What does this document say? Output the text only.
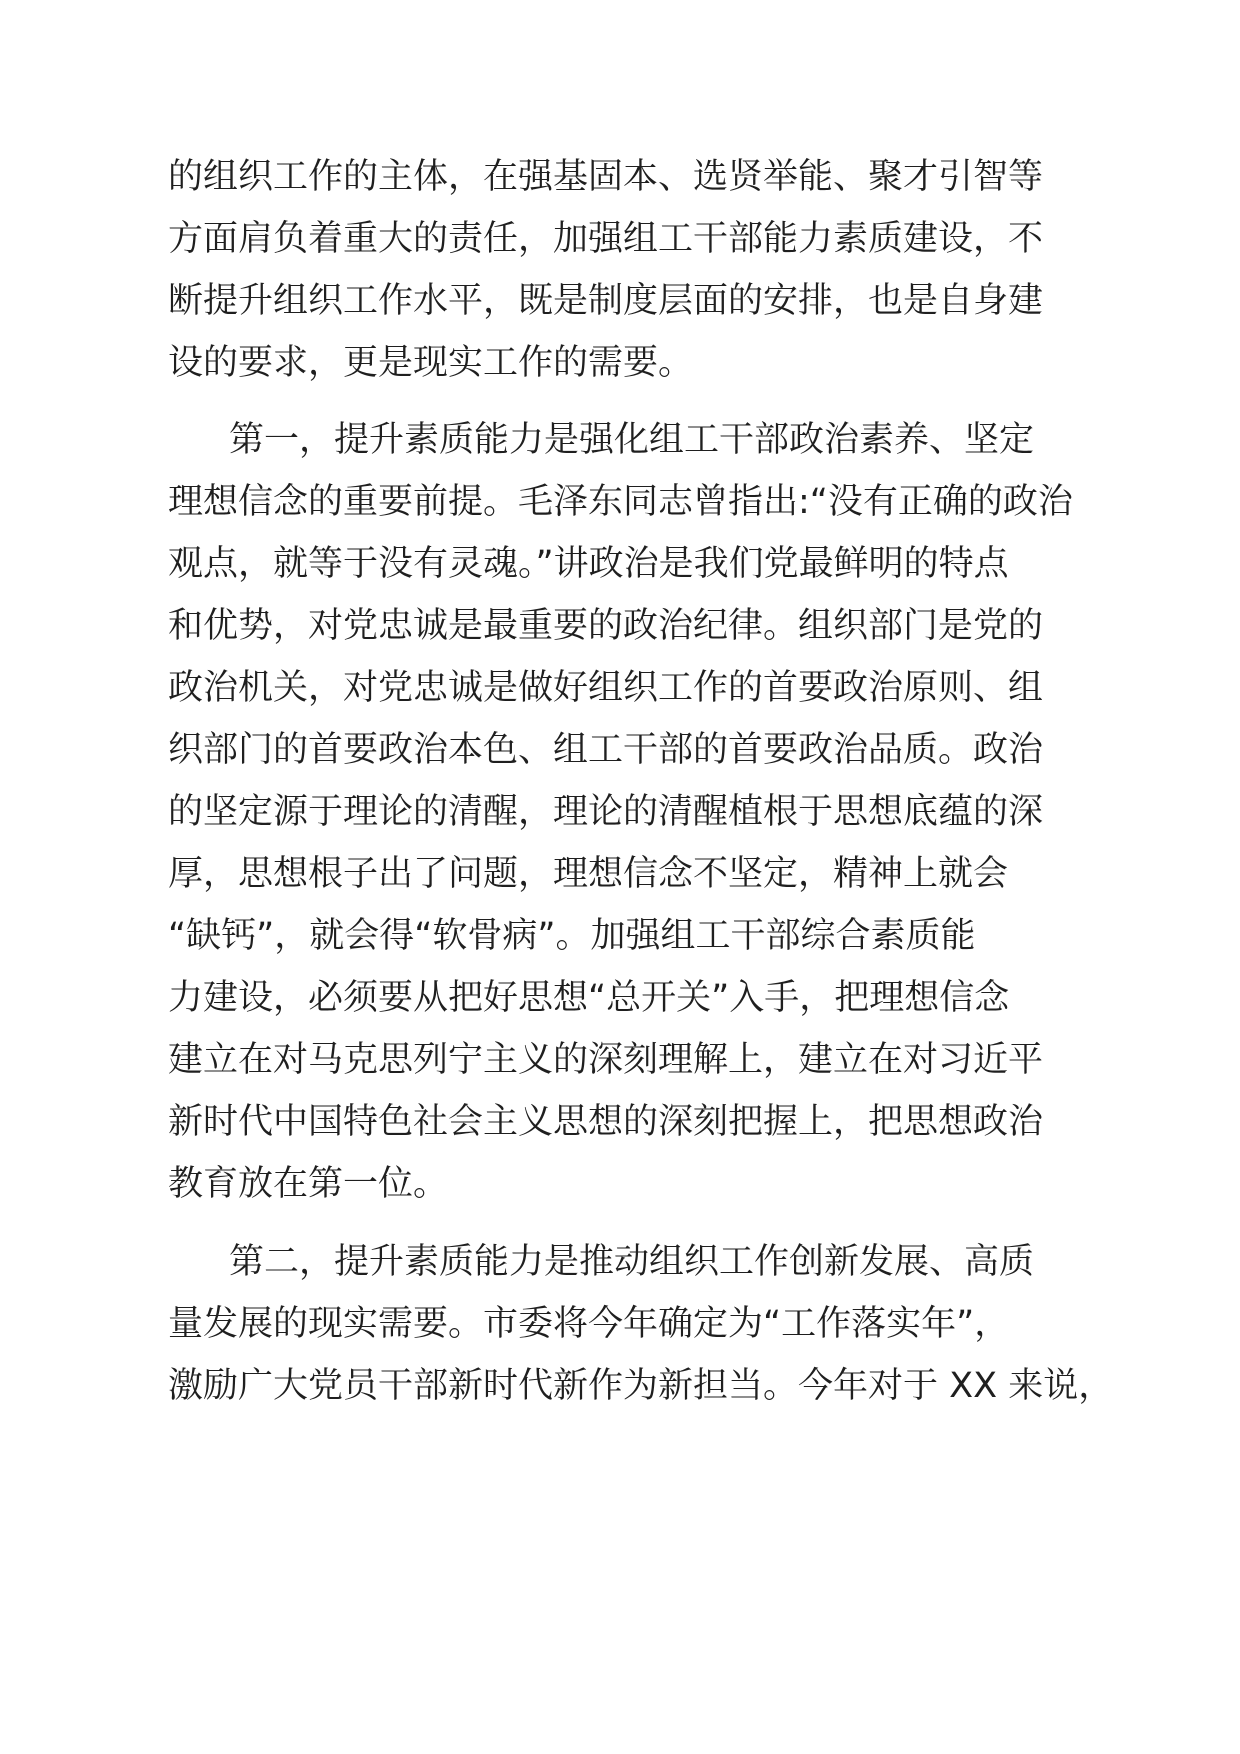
的组织工作的主体，在强基固本、选贤举能、聚才引智等
方面肩负着重大的责任，加强组工干部能力素质建设，不
断提升组织工作水平，既是制度层面的安排，也是自身建
设的要求，更是现实工作的需要。
第一，提升素质能力是强化组工干部政治素养、坚定
理想信念的重要前提。毛泽东同志曾指出:“没有正确的政治
观点，就等于没有灵魂。”讲政治是我们党最鲜明的特点
和优势，对党忠诚是最重要的政治纪律。组织部门是党的
政治机关，对党忠诚是做好组织工作的首要政治原则、组
织部门的首要政治本色、组工干部的首要政治品质。政治
的坚定源于理论的清醒，理论的清醒植根于思想底蕴的深
厚，思想根子出了问题，理想信念不坚定，精神上就会
“缺钙”，就会得“软骨病”。加强组工干部综合素质能
力建设，必须要从把好思想“总开关”入手，把理想信念
建立在对马克思列宁主义的深刻理解上，建立在对习近平
新时代中国特色社会主义思想的深刻把握上，把思想政治
教育放在第一位。
第二，提升素质能力是推动组织工作创新发展、高质
量发展的现实需要。市委将今年确定为“工作落实年”，
激励广大党员干部新时代新作为新担当。今年对于 XX 来说，
